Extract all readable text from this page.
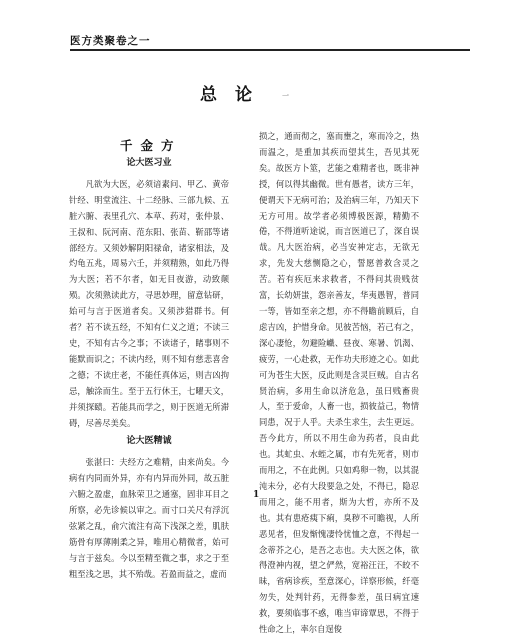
医方类聚卷之一
总论 一
千金方
论大医习业

凡欲为大医，必须谙素问、甲乙、黄帝针经、明堂流注、十二经脉、三部九候、五脏六腑、表里孔穴、本草、药对，张仲景、王叔和、阮河南、范东阳、张苗、靳邵等诸部经方。又须妙解阴阳禄命，诸家相法，及灼龟五兆，周易六壬，并须精熟，如此乃得为大医；若不尔者，如无目夜游，动致颠殒。次须熟读此方，寻思妙理，留意钻研，始可与言于医道者矣。又须涉猎群书。何者？若不读五经，不知有仁义之道；不读三史，不知有古今之事；不读诸子，睹事则不能默而识之；不读内经，则不知有慈悲喜舍之德；不读庄老，不能任真体运，则吉凶拘忌，触涂而生。至于五行休王，七曜天文，并须探赜。若能具而学之，则于医道无所滞碍，尽善尽美矣。

论大医精诚

张湛曰：夫经方之难精，由来尚矣。今病有内同而外异，亦有内异而外同，故五脏六腑之盈虚，血脉荣卫之通塞，固非耳目之所察，必先诊候以审之。而寸口关尺有浮沉弦紧之乱，俞穴流注有高下浅深之差，肌肤筋骨有厚薄刚柔之异，唯用心精微者，始可与言于兹矣。今以至精至微之事，求之于至粗至浅之思，其不殆哉。若盈而益之，虚而

损之，通而彻之，塞而壅之，寒而冷之，热而温之，是重加其疾而望其生，吾见其死矣。故医方卜筮，艺能之难精者也，既非神授，何以得其幽微。世有愚者，读方三年，便谓天下无病可治；及治病三年，乃知天下无方可用。故学者必须博极医源，精勤不倦，不得道听途说，而言医道已了，深自误哉。凡大医治病，必当安神定志，无欲无求，先发大慈恻隐之心，誓愿普救含灵之苦。若有疾厄来求救者，不得问其贵贱贫富，长幼妍蚩，怨亲善友，华夷愚智，普同一等，皆如至亲之想，亦不得瞻前顾后，自虑吉凶，护惜身命。见彼苦恼，若己有之，深心凄怆，勿避险巇、昼夜、寒暑、饥渴、疲劳，一心赴救，无作功夫形迹之心。如此可为苍生大医，反此则是含灵巨贼。自古名贤治病，多用生命以济危急，虽曰贱畜贵人，至于爱命，人畜一也，损彼益己，物情同患，况于人乎。夫杀生求生，去生更远。吾今此方，所以不用生命为药者，良由此也。其虻虫、水蛭之属，市有先死者，则市而用之，不在此例。只如鸡卵一物，以其混沌未分，必有大段要急之处，不得已，隐忍而用之，能不用者，斯为大哲，亦所不及也。其有患疮痍下痢，臭秽不可瞻视，人所恶见者，但发惭愧凄怜忧恤之意，不得起一念蒂芥之心，是吾之志也。夫大医之体，欲得澄神内视，望之俨然，宽裕汪汪，不皎不昧，省病诊疾，至意深心，详察形候，纤毫勿失，处判针药，无得参差，虽曰病宜速救，要须临事不惑，唯当审谛覃思，不得于性命之上，率尔自逞俊

1
